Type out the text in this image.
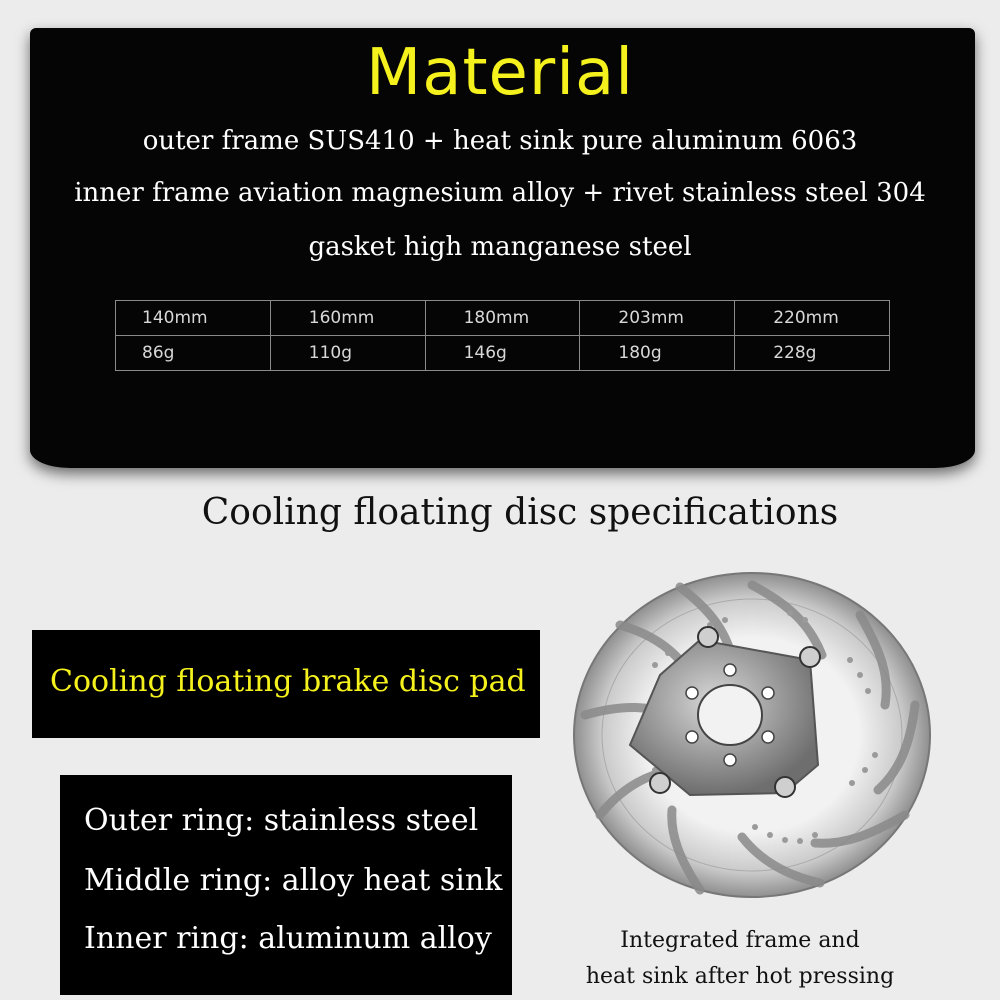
Material
outer frame SUS410 + heat sink pure aluminum 6063
inner frame aviation magnesium alloy + rivet stainless steel 304
gasket high manganese steel
140mm	160mm	180mm	203mm	220mm
86g	110g	146g	180g	228g
Cooling floating disc specifications
Cooling floating brake disc pad
Outer ring: stainless steel
Middle ring: alloy heat sink
Inner ring: aluminum alloy	Integrated frame and
heat sink after hot pressing
